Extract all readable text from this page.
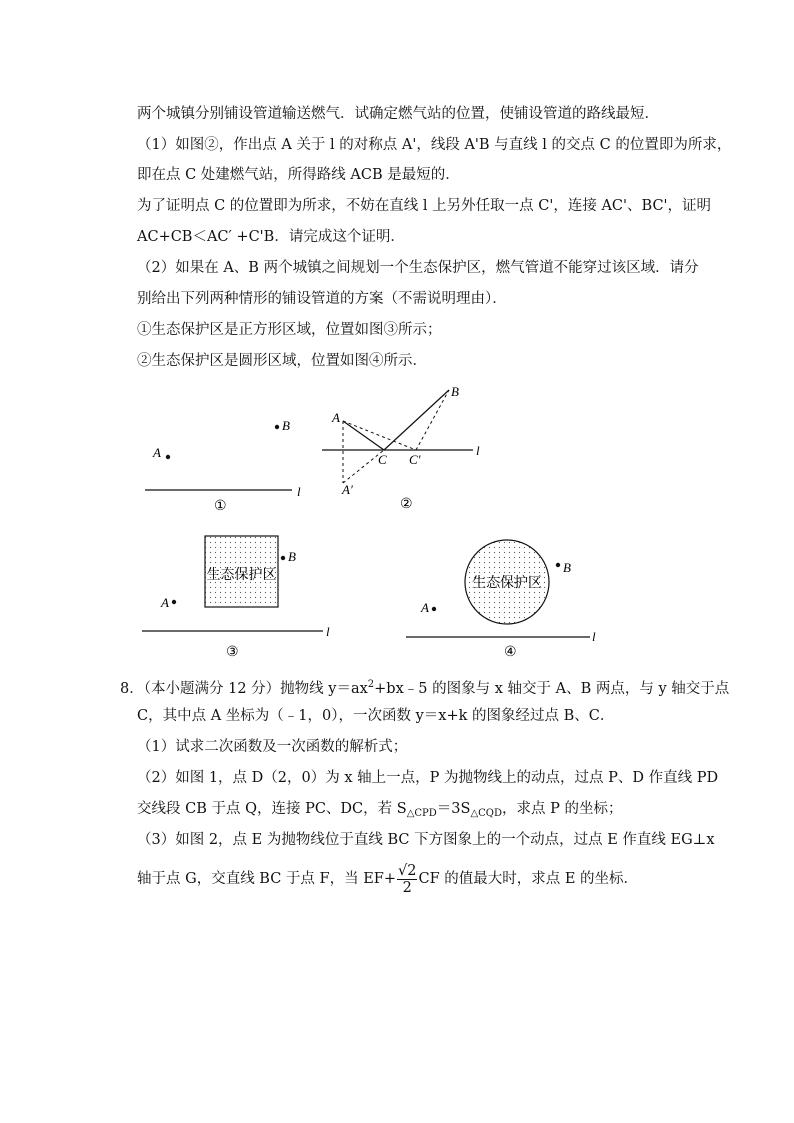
两个城镇分别铺设管道输送燃气．试确定燃气站的位置，使铺设管道的路线最短．
（1）如图②，作出点 A 关于 l 的对称点 A'，线段 A'B 与直线 l 的交点 C 的位置即为所求，
即在点 C 处建燃气站，所得路线 ACB 是最短的．
为了证明点 C 的位置即为所求，不妨在直线 l 上另外任取一点 C'，连接 AC'、BC'，证明
AC+CB＜AC′ +C'B．请完成这个证明．
（2）如果在 A、B 两个城镇之间规划一个生态保护区，燃气管道不能穿过该区域．请分
别给出下列两种情形的铺设管道的方案（不需说明理由）．
①生态保护区是正方形区域，位置如图③所示；
②生态保护区是圆形区域，位置如图④所示．
A
B
l
①
l
A
B
C C′
A′
②
生态保护区
B
A
l
③
生态保护区
B
A
l
④
8．（本小题满分 12 分）抛物线 $y=ax^2+bx﹣5$ 的图象与 x 轴交于 A、B 两点，与 y 轴交于点
C，其中点 A 坐标为（﹣1，0），一次函数 y＝x+k 的图象经过点 B、C．
（1）试求二次函数及一次函数的解析式；
（2）如图 1，点 D（2，0）为 x 轴上一点，P 为抛物线上的动点，过点 P、D 作直线 PD
交线段 CB 于点 Q，连接 PC、DC，若 $S_{\triangle CPD}=3S_{\triangle CQD}$，求点 P 的坐标；
（3）如图 2，点 E 为抛物线位于直线 BC 下方图象上的一个动点，过点 E 作直线 EG⊥x
轴于点 G，交直线 BC 于点 F，当 $EF+ \frac{√2}{2}$ CF 的值最大时，求点 E 的坐标．
